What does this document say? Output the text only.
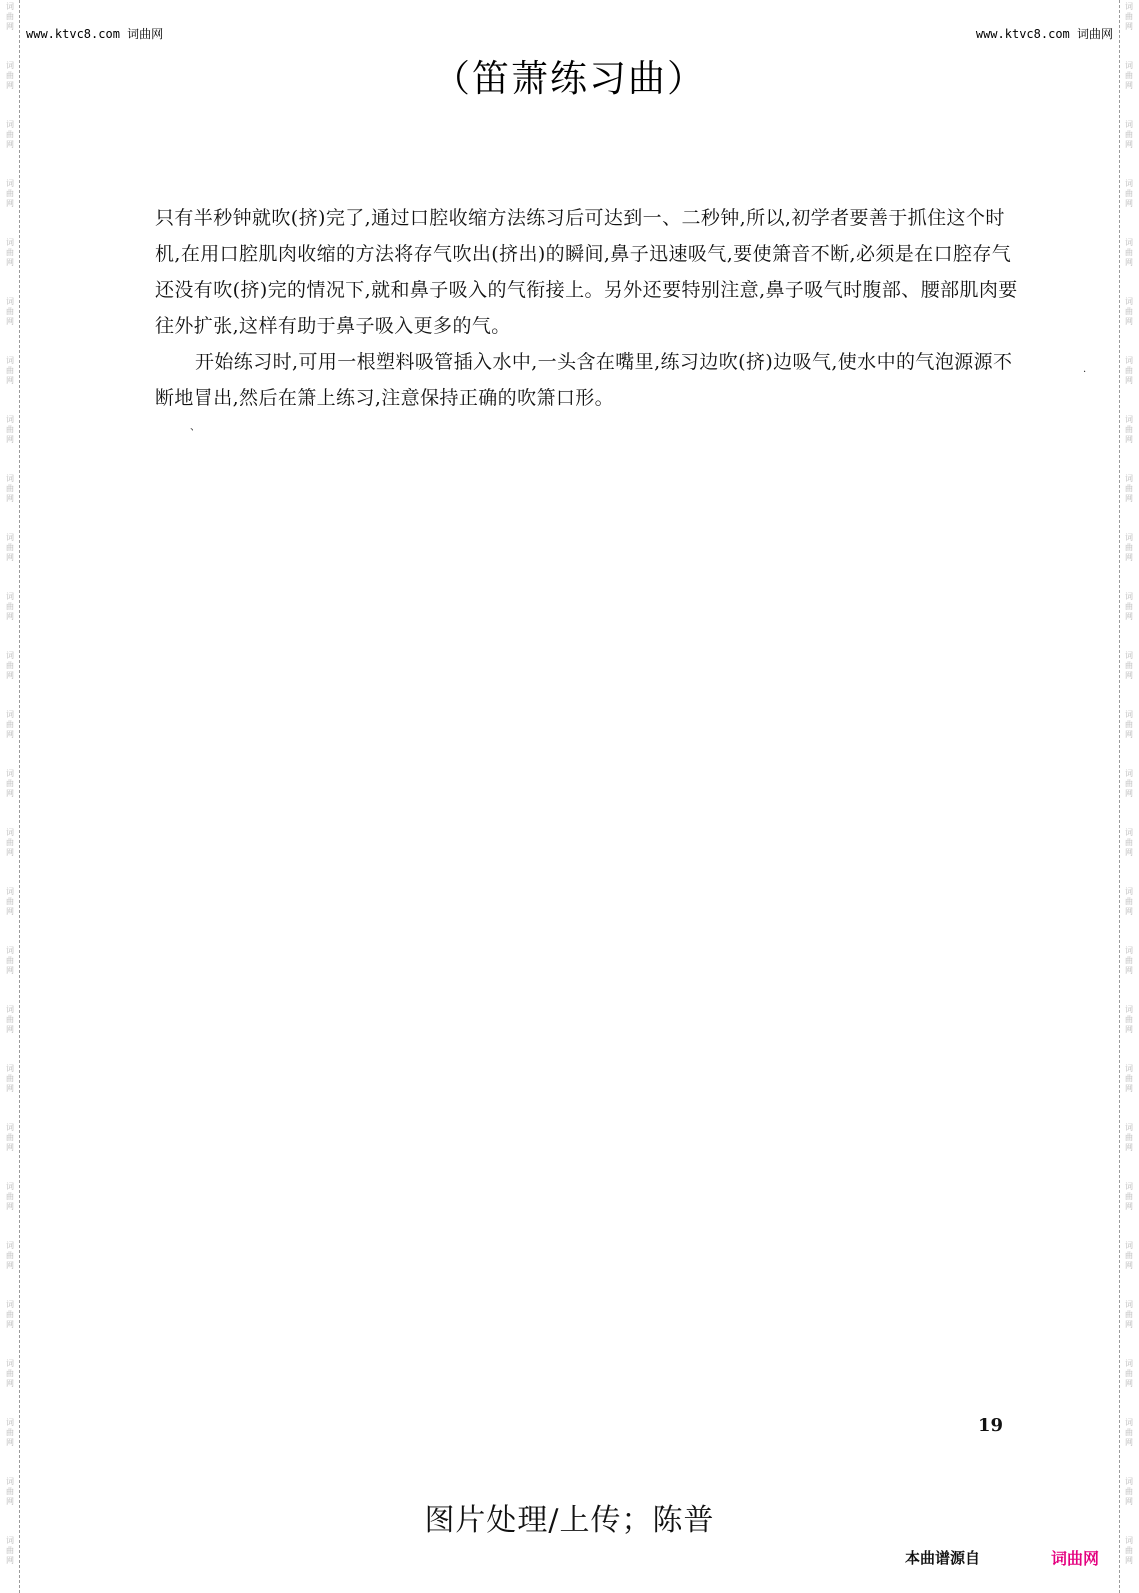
词
曲
网
词
曲
网
词
曲
网
词
曲
网
词
曲
网
词
曲
网
词
曲
网
词
曲
网
词
曲
网
词
曲
网
词
曲
网
词
曲
网
词
曲
网
词
曲
网
词
曲
网
词
曲
网
词
曲
网
词
曲
网
词
曲
网
词
曲
网
词
曲
网
词
曲
网
词
曲
网
词
曲
网
词
曲
网
词
曲
网
词
曲
网
词
曲
网
词
曲
网
词
曲
网
词
曲
网
词
曲
网
词
曲
网
词
曲
网
词
曲
网
词
曲
网
词
曲
网
词
曲
网
词
曲
网
词
曲
网
词
曲
网
词
曲
网
词
曲
网
词
曲
网
词
曲
网
词
曲
网
词
曲
网
词
曲
网
词
曲
网
词
曲
网
词
曲
网
词
曲
网
词
曲
网
词
曲
网
www.ktvc8.com 词曲网	www.ktvc8.com 词曲网
（笛萧练习曲）

只有半秒钟就吹(挤)完了,通过口腔收缩方法练习后可达到一、二秒钟,所以,初学者要善于抓住这个时机,在用口腔肌肉收缩的方法将存气吹出(挤出)的瞬间,鼻子迅速吸气,要使箫音不断,必须是在口腔存气还没有吹(挤)完的情况下,就和鼻子吸入的气衔接上。另外还要特别注意,鼻子吸气时腹部、腰部肌肉要往外扩张,这样有助于鼻子吸入更多的气。

开始练习时,可用一根塑料吸管插入水中,一头含在嘴里,练习边吹(挤)边吸气,使水中的气泡源源不断地冒出,然后在箫上练习,注意保持正确的吹箫口形。

.
、
19
图片处理/上传；陈普
本曲谱源自	词曲网
